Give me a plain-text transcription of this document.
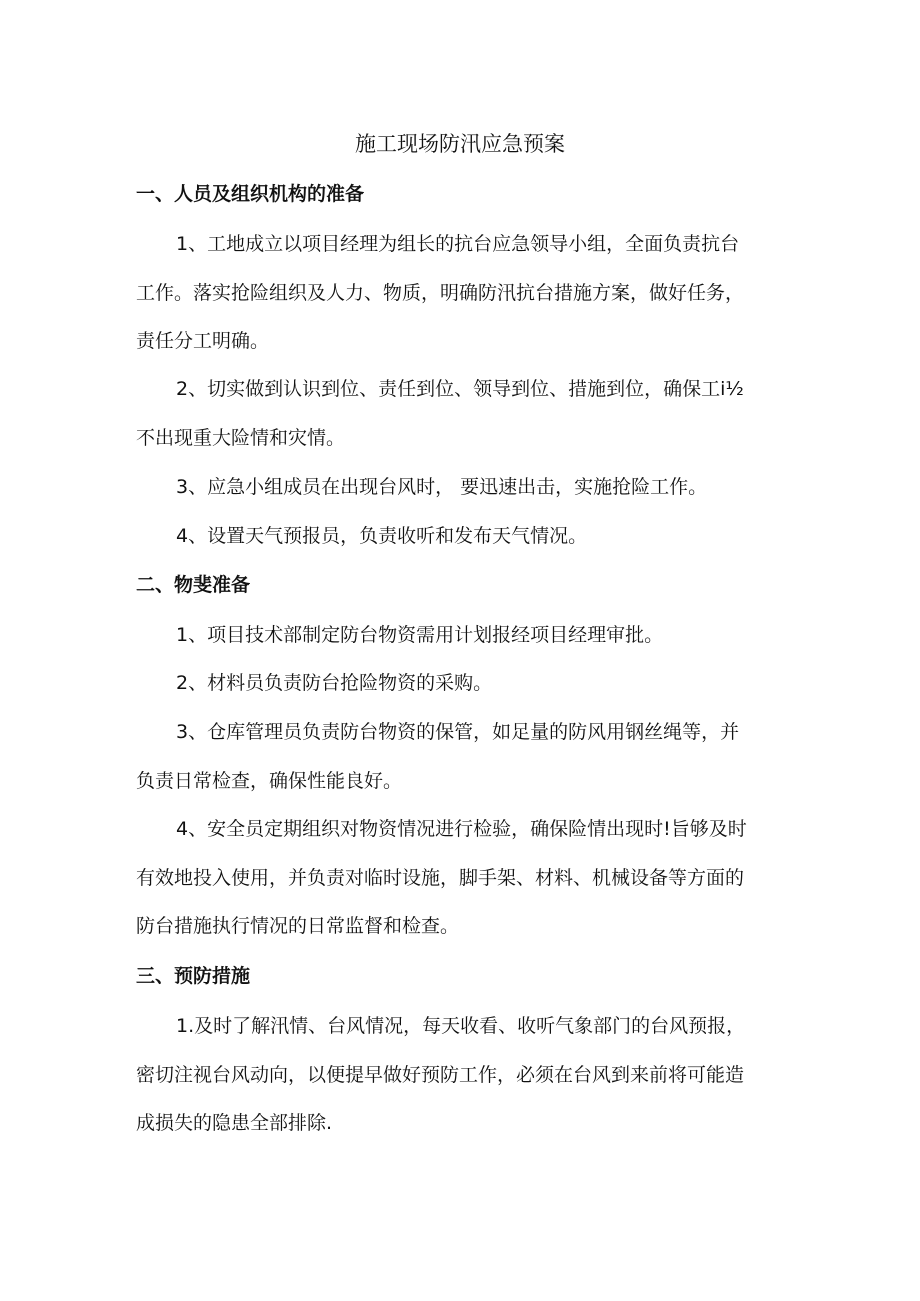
施工现场防汛应急预案
一、人员及组织机构的准备

1、工地成立以项目经理为组长的抗台应急领导小组，全面负责抗台
工作。落实抢险组织及人力、物质，明确防汛抗台措施方案，做好任务，
责任分工明确。

2、切实做到认识到位、责任到位、领导到位、措施到位，确保工i½
不出现重大险情和灾情。

3、应急小组成员在出现台风时， 要迅速出击，实施抢险工作。

4、设置天气预报员，负责收听和发布天气情况。

二、物斐准备

1、项目技术部制定防台物资需用计划报经项目经理审批。

2、材料员负责防台抢险物资的采购。

3、仓库管理员负责防台物资的保管，如足量的防风用钢丝绳等，并
负责日常检查，确保性能良好。

4、安全员定期组织对物资情况进行检验，确保险情出现时!旨够及时
有效地投入使用，并负责对临时设施，脚手架、材料、机械设备等方面的
防台措施执行情况的日常监督和检查。

三、预防措施

1.及时了解汛情、台风情况，每天收看、收听气象部门的台风预报，
密切注视台风动向，以便提早做好预防工作，必须在台风到来前将可能造
成损失的隐患全部排除.
